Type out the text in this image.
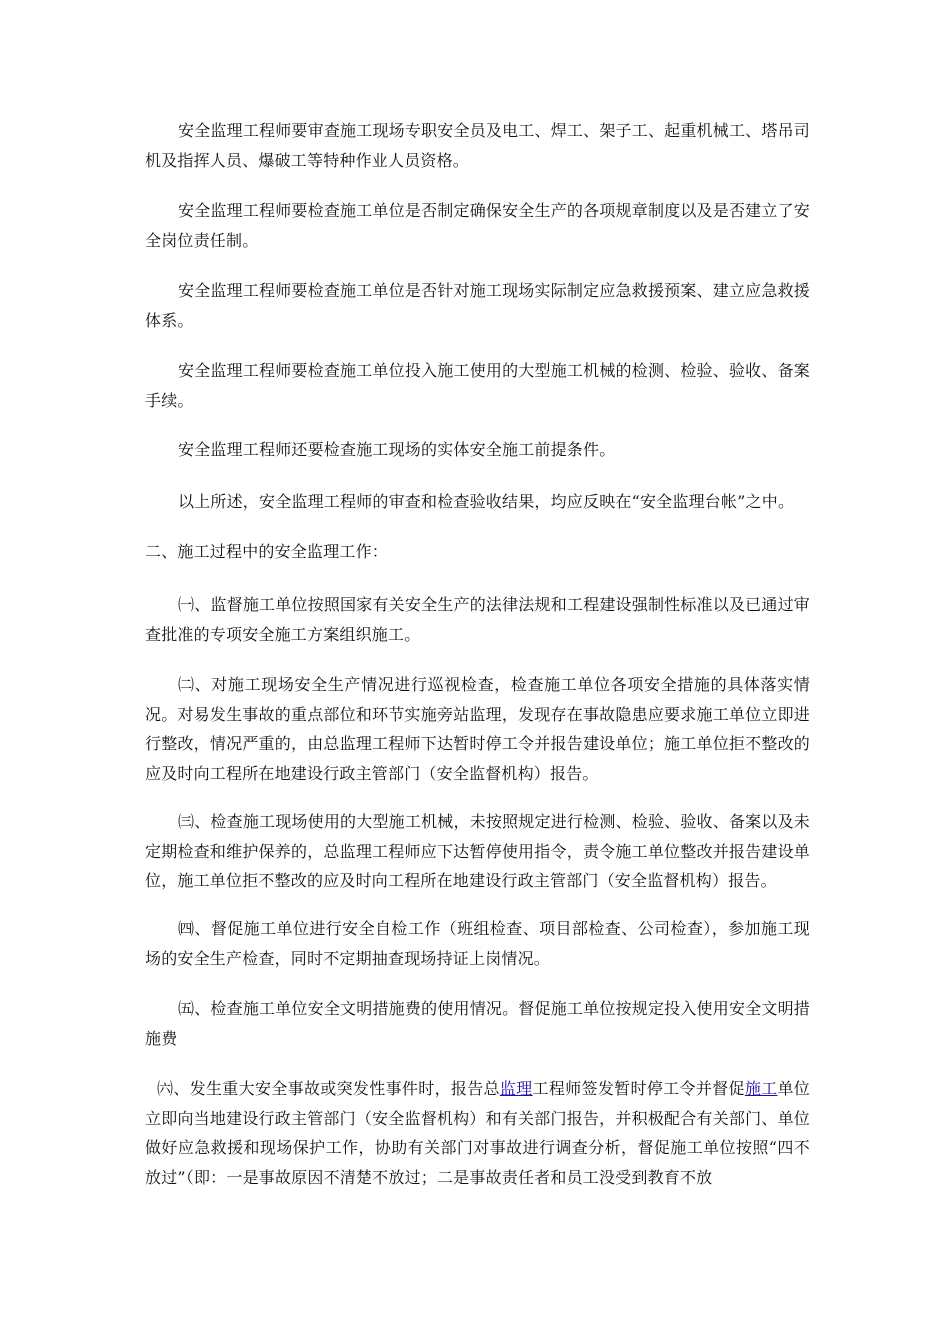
安全监理工程师要审查施工现场专职安全员及电工、焊工、架子工、起重机械工、塔吊司机及指挥人员、爆破工等特种作业人员资格。

安全监理工程师要检查施工单位是否制定确保安全生产的各项规章制度以及是否建立了安全岗位责任制。

安全监理工程师要检查施工单位是否针对施工现场实际制定应急救援预案、建立应急救援体系。

安全监理工程师要检查施工单位投入施工使用的大型施工机械的检测、检验、验收、备案手续。

安全监理工程师还要检查施工现场的实体安全施工前提条件。

以上所述，安全监理工程师的审查和检查验收结果，均应反映在“安全监理台帐”之中。

二、施工过程中的安全监理工作：

㈠、监督施工单位按照国家有关安全生产的法律法规和工程建设强制性标准以及已通过审查批准的专项安全施工方案组织施工。

㈡、对施工现场安全生产情况进行巡视检查，检查施工单位各项安全措施的具体落实情况。对易发生事故的重点部位和环节实施旁站监理，发现存在事故隐患应要求施工单位立即进行整改，情况严重的，由总监理工程师下达暂时停工令并报告建设单位；施工单位拒不整改的应及时向工程所在地建设行政主管部门（安全监督机构）报告。

㈢、检查施工现场使用的大型施工机械，未按照规定进行检测、检验、验收、备案以及未定期检查和维护保养的，总监理工程师应下达暂停使用指令，责令施工单位整改并报告建设单位，施工单位拒不整改的应及时向工程所在地建设行政主管部门（安全监督机构）报告。

㈣、督促施工单位进行安全自检工作（班组检查、项目部检查、公司检查），参加施工现场的安全生产检查，同时不定期抽查现场持证上岗情况。

㈤、检查施工单位安全文明措施费的使用情况。督促施工单位按规定投入使用安全文明措施费

㈥、发生重大安全事故或突发性事件时，报告总监理工程师签发暂时停工令并督促施工单位立即向当地建设行政主管部门（安全监督机构）和有关部门报告，并积极配合有关部门、单位做好应急救援和现场保护工作，协助有关部门对事故进行调查分析，督促施工单位按照“四不放过”（即：一是事故原因不清楚不放过；二是事故责任者和员工没受到教育不放
